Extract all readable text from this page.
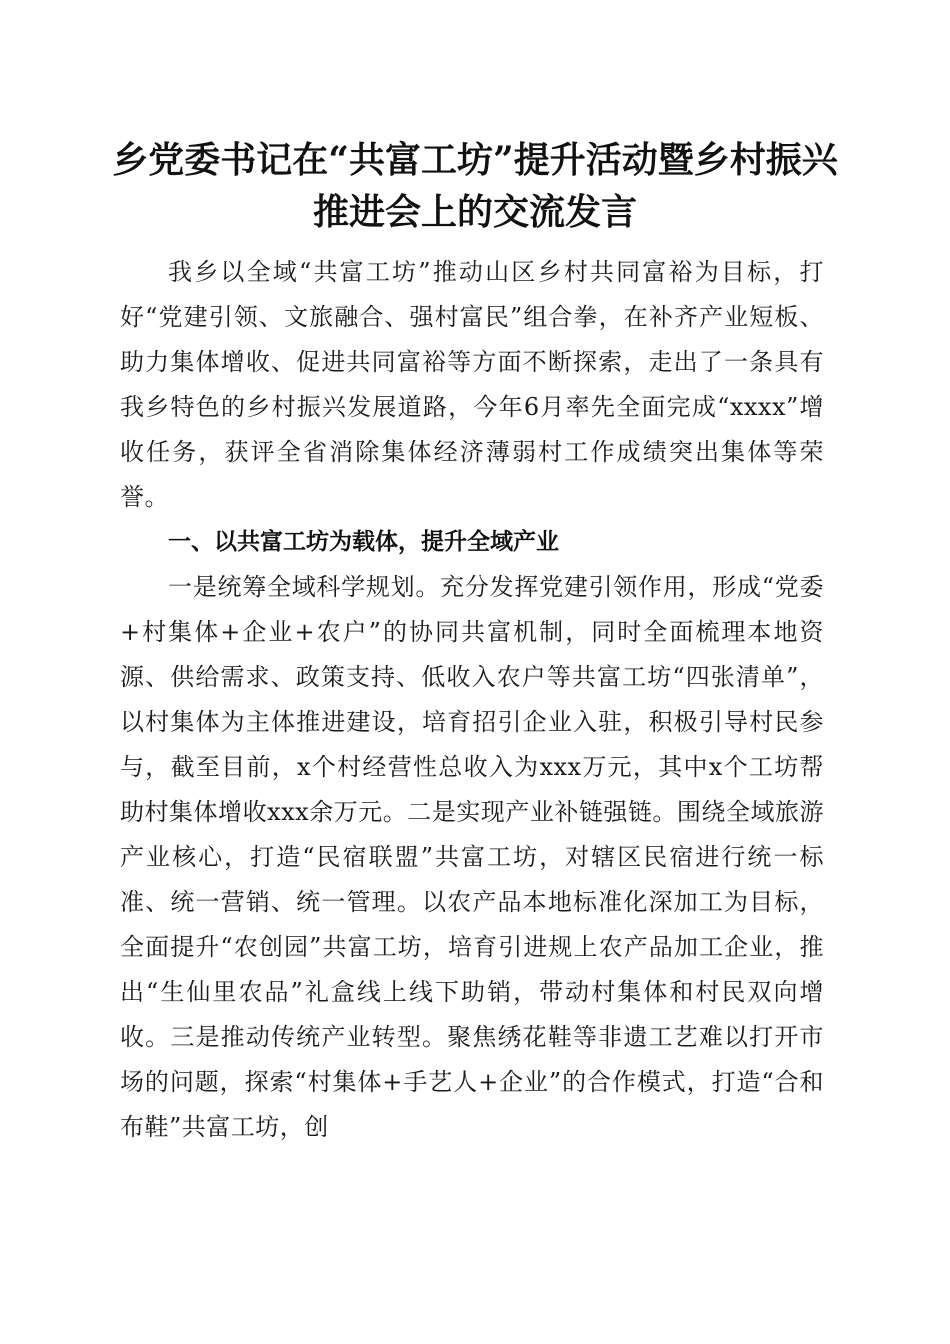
乡党委书记在“共富工坊”提升活动暨乡村振兴推进会上的交流发言

我乡以全域“共富工坊”推动山区乡村共同富裕为目标，打好“党建引领、文旅融合、强村富民”组合拳，在补齐产业短板、助力集体增收、促进共同富裕等方面不断探索，走出了一条具有我乡特色的乡村振兴发展道路，今年6月率先全面完成“xxxx”增收任务，获评全省消除集体经济薄弱村工作成绩突出集体等荣誉。

一、以共富工坊为载体，提升全域产业

一是统筹全域科学规划。充分发挥党建引领作用，形成“党委+村集体+企业+农户”的协同共富机制，同时全面梳理本地资源、供给需求、政策支持、低收入农户等共富工坊“四张清单”，以村集体为主体推进建设，培育招引企业入驻，积极引导村民参与，截至目前，x个村经营性总收入为xxx万元，其中x个工坊帮助村集体增收xxx余万元。二是实现产业补链强链。围绕全域旅游产业核心，打造“民宿联盟”共富工坊，对辖区民宿进行统一标准、统一营销、统一管理。以农产品本地标准化深加工为目标，全面提升“农创园”共富工坊，培育引进规上农产品加工企业，推出“生仙里农品”礼盒线上线下助销，带动村集体和村民双向增收。三是推动传统产业转型。聚焦绣花鞋等非遗工艺难以打开市场的问题，探索“村集体+手艺人+企业”的合作模式，打造“合和布鞋”共富工坊，创
